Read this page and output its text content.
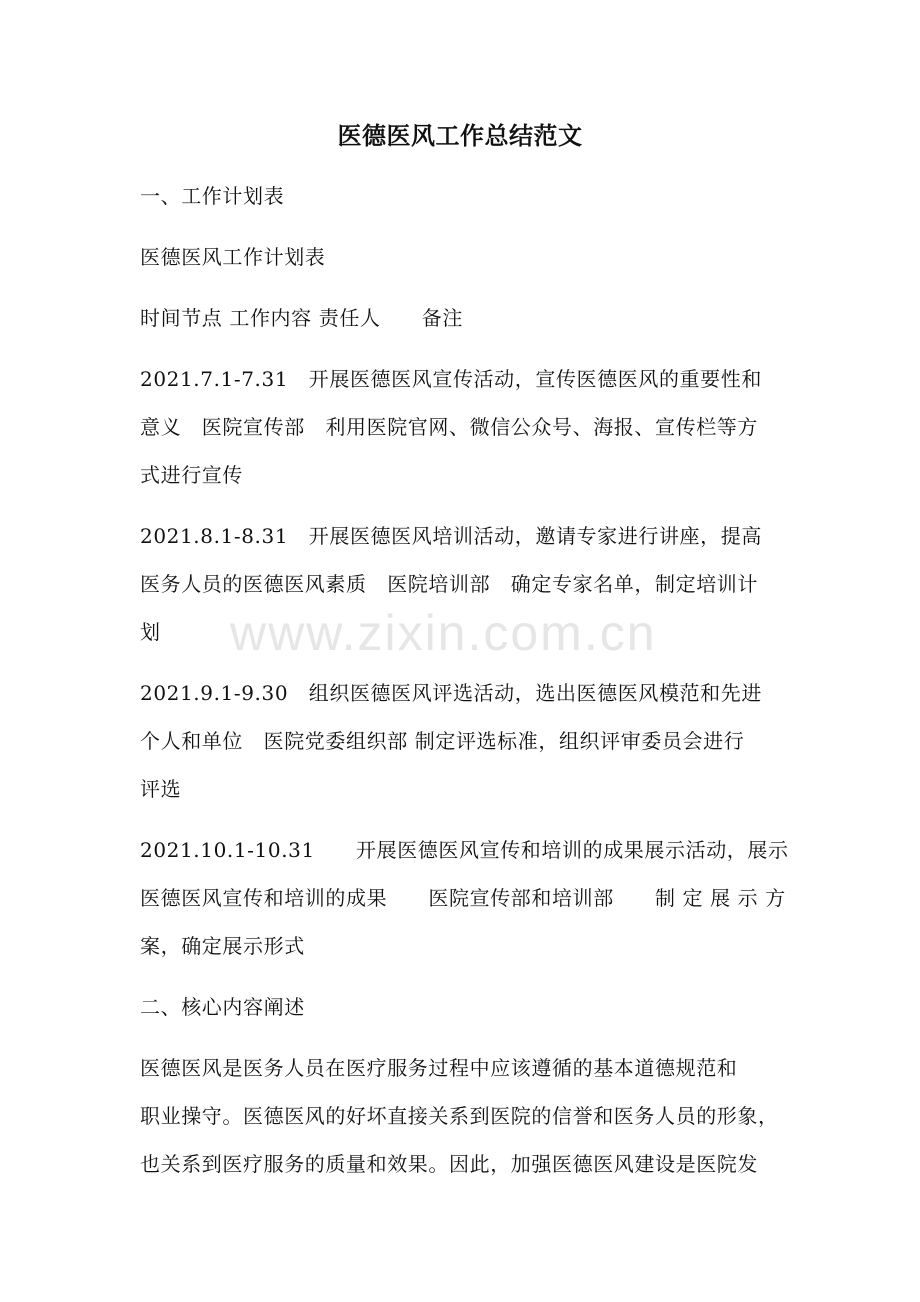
www.zixin.com.cn
医德医风工作总结范文
一、工作计划表
医德医风工作计划表
时间节点 工作内容 责任人　　备注
2021.7.1-7.31　开展医德医风宣传活动，宣传医德医风的重要性和
意义　医院宣传部　利用医院官网、微信公众号、海报、宣传栏等方
式进行宣传
2021.8.1-8.31　开展医德医风培训活动，邀请专家进行讲座，提高
医务人员的医德医风素质　医院培训部　确定专家名单，制定培训计
划
2021.9.1-9.30　组织医德医风评选活动，选出医德医风模范和先进
个人和单位　医院党委组织部 制定评选标准，组织评审委员会进行
评选
2021.10.1-10.31　　开展医德医风宣传和培训的成果展示活动，展示
医德医风宣传和培训的成果　　医院宣传部和培训部　　制 定 展 示 方
案，确定展示形式
二、核心内容阐述
医德医风是医务人员在医疗服务过程中应该遵循的基本道德规范和
职业操守。医德医风的好坏直接关系到医院的信誉和医务人员的形象，
也关系到医疗服务的质量和效果。因此，加强医德医风建设是医院发
